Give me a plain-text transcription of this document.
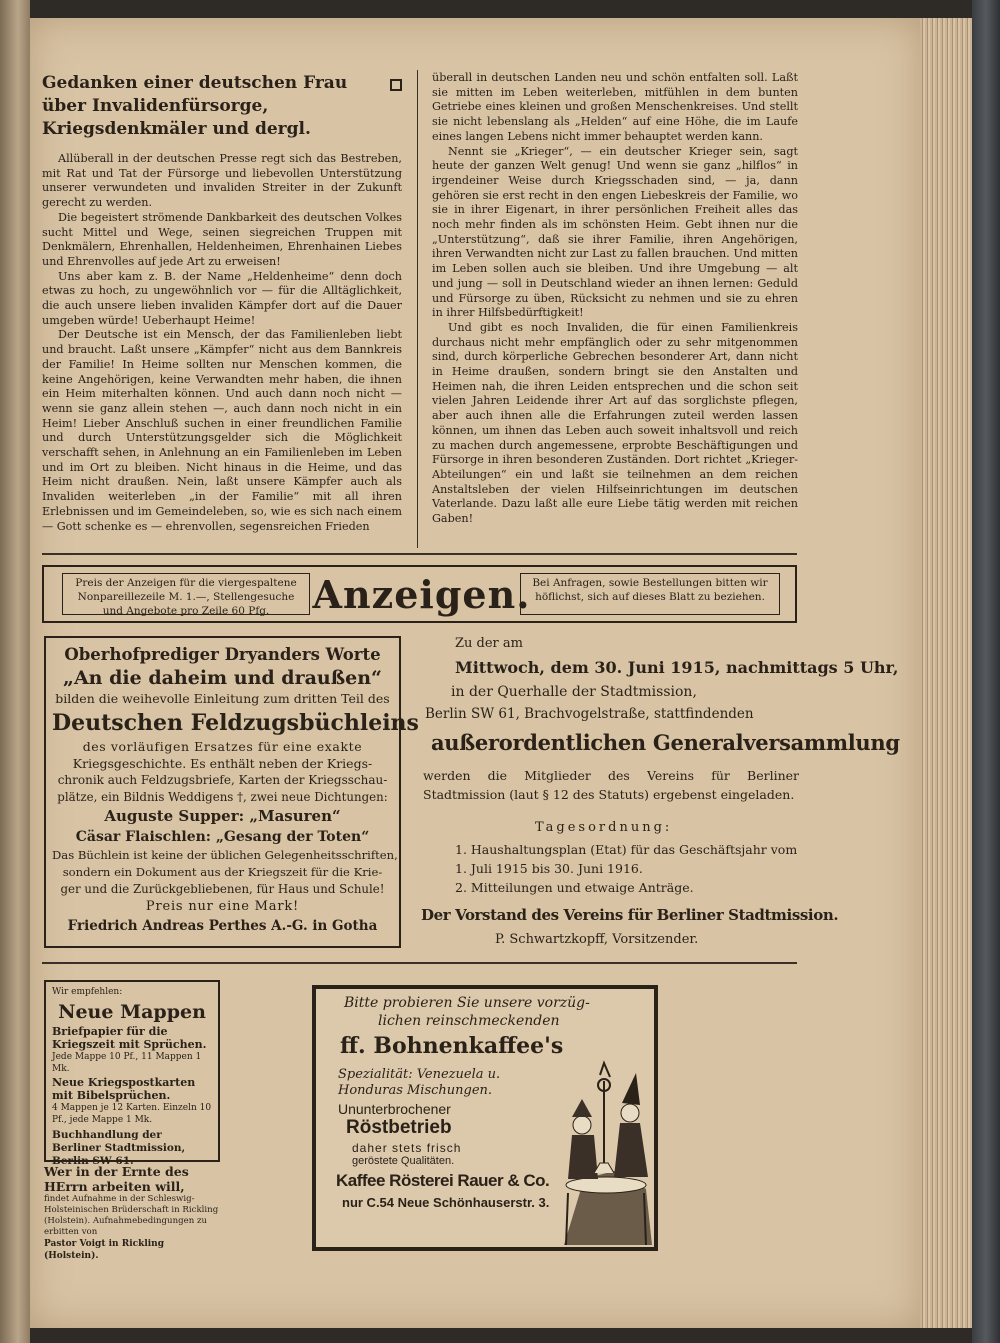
Gedanken einer deutschen Frau über Invalidenfürsorge, Kriegsdenkmäler und dergl.

Allüberall in der deutschen Presse regt sich das Bestreben, mit Rat und Tat der Fürsorge und liebevollen Unterstützung unserer verwundeten und invaliden Streiter in der Zukunft gerecht zu werden.

Die begeistert strömende Dankbarkeit des deutschen Volkes sucht Mittel und Wege, seinen siegreichen Truppen mit Denkmälern, Ehrenhallen, Heldenheimen, Ehrenhainen Liebes und Ehrenvolles auf jede Art zu erweisen!

Uns aber kam z. B. der Name „Heldenheime“ denn doch etwas zu hoch, zu ungewöhnlich vor — für die Alltäglichkeit, die auch unsere lieben invaliden Kämpfer dort auf die Dauer umgeben würde! Ueberhaupt Heime!

Der Deutsche ist ein Mensch, der das Familienleben liebt und braucht. Laßt unsere „Kämpfer“ nicht aus dem Bannkreis der Familie! In Heime sollten nur Menschen kommen, die keine Angehörigen, keine Verwandten mehr haben, die ihnen ein Heim miterhalten können. Und auch dann noch nicht — wenn sie ganz allein stehen —, auch dann noch nicht in ein Heim! Lieber Anschluß suchen in einer freundlichen Familie und durch Unterstützungsgelder sich die Möglichkeit verschafft sehen, in Anlehnung an ein Familienleben im Leben und im Ort zu bleiben. Nicht hinaus in die Heime, und das Heim nicht draußen. Nein, laßt unsere Kämpfer auch als Invaliden weiterleben „in der Familie“ mit all ihren Erlebnissen und im Gemeindeleben, so, wie es sich nach einem — Gott schenke es — ehrenvollen, segensreichen Frieden

überall in deutschen Landen neu und schön entfalten soll. Laßt sie mitten im Leben weiterleben, mitfühlen in dem bunten Getriebe eines kleinen und großen Menschenkreises. Und stellt sie nicht lebenslang als „Helden“ auf eine Höhe, die im Laufe eines langen Lebens nicht immer behauptet werden kann.

Nennt sie „Krieger“, — ein deutscher Krieger sein, sagt heute der ganzen Welt genug! Und wenn sie ganz „hilflos“ in irgendeiner Weise durch Kriegsschaden sind, — ja, dann gehören sie erst recht in den engen Liebeskreis der Familie, wo sie in ihrer Eigenart, in ihrer persönlichen Freiheit alles das noch mehr finden als im schönsten Heim. Gebt ihnen nur die „Unterstützung“, daß sie ihrer Familie, ihren Angehörigen, ihren Verwandten nicht zur Last zu fallen brauchen. Und mitten im Leben sollen auch sie bleiben. Und ihre Umgebung — alt und jung — soll in Deutschland wieder an ihnen lernen: Geduld und Fürsorge zu üben, Rücksicht zu nehmen und sie zu ehren in ihrer Hilfsbedürftigkeit!

Und gibt es noch Invaliden, die für einen Familienkreis durchaus nicht mehr empfänglich oder zu sehr mitgenommen sind, durch körperliche Gebrechen besonderer Art, dann nicht in Heime draußen, sondern bringt sie den Anstalten und Heimen nah, die ihren Leiden entsprechen und die schon seit vielen Jahren Leidende ihrer Art auf das sorglichste pflegen, aber auch ihnen alle die Erfahrungen zuteil werden lassen können, um ihnen das Leben auch soweit inhaltsvoll und reich zu machen durch angemessene, erprobte Beschäftigungen und Fürsorge in ihren besonderen Zuständen. Dort richtet „Krieger-Abteilungen“ ein und laßt sie teilnehmen an dem reichen Anstaltsleben der vielen Hilfseinrichtungen im deutschen Vaterlande. Dazu laßt alle eure Liebe tätig werden mit reichen Gaben!

Preis der Anzeigen für die viergespaltene Nonpareillezeile M. 1.—, Stellengesuche und Angebote pro Zeile 60 Pfg.	Anzeigen. Bei Anfragen, sowie Bestellungen bitten wir höflichst, sich auf dieses Blatt zu beziehen.
Oberhofprediger Dryanders Worte
„An die daheim und draußen“
bilden die weihevolle Einleitung zum dritten Teil des
Deutschen Feldzugsbüchleins
des vorläufigen Ersatzes für eine exakte
Kriegsgeschichte. Es enthält neben der Kriegs-
chronik auch Feldzugsbriefe, Karten der Kriegsschau-
plätze, ein Bildnis Weddigens †, zwei neue Dichtungen:
Auguste Supper: „Masuren“
Cäsar Flaischlen: „Gesang der Toten“
Das Büchlein ist keine der üblichen Gelegenheitsschriften,
sondern ein Dokument aus der Kriegszeit für die Krie-
ger und die Zurückgebliebenen, für Haus und Schule!
Preis nur eine Mark!
Friedrich Andreas Perthes A.-G. in Gotha
Zu der am
Mittwoch, dem 30. Juni 1915, nachmittags 5 Uhr,
in der Querhalle der Stadtmission,
Berlin SW 61, Brachvogelstraße, stattfindenden
außerordentlichen Generalversammlung
werden die Mitglieder des Vereins für Berliner Stadtmission (laut § 12 des Statuts) ergebenst eingeladen.
Tagesordnung:
1. Haushaltungsplan (Etat) für das Geschäftsjahr vom 1. Juli 1915 bis 30. Juni 1916.
2. Mitteilungen und etwaige Anträge.
Der Vorstand des Vereins für Berliner Stadtmission.
P. Schwartzkopff, Vorsitzender.
Wir empfehlen:
Neue Mappen
Briefpapier für die Kriegszeit mit Sprüchen.
Jede Mappe 10 Pf., 11 Mappen 1 Mk.
Neue Kriegspostkarten mit Bibelsprüchen.
4 Mappen je 12 Karten. Einzeln 10 Pf., jede Mappe 1 Mk.
Buchhandlung der Berliner Stadtmission, Berlin SW 61.
Wer in der Ernte des HErrn arbeiten will,
findet Aufnahme in der Schleswig-Holsteinischen Brüderschaft in Rickling (Holstein). Aufnahmebedingungen zu erbitten von
Pastor Voigt in Rickling (Holstein).
Bitte probieren Sie unsere vorzüg-
lichen reinschmeckenden
ff. Bohnenkaffee's
Spezialität: Venezuela u.
Honduras Mischungen.
Ununterbrochener
Röstbetrieb
daher stets frisch
geröstete Qualitäten.
Kaffee Rösterei Rauer & Co.
nur C.54 Neue Schönhauserstr. 3.
